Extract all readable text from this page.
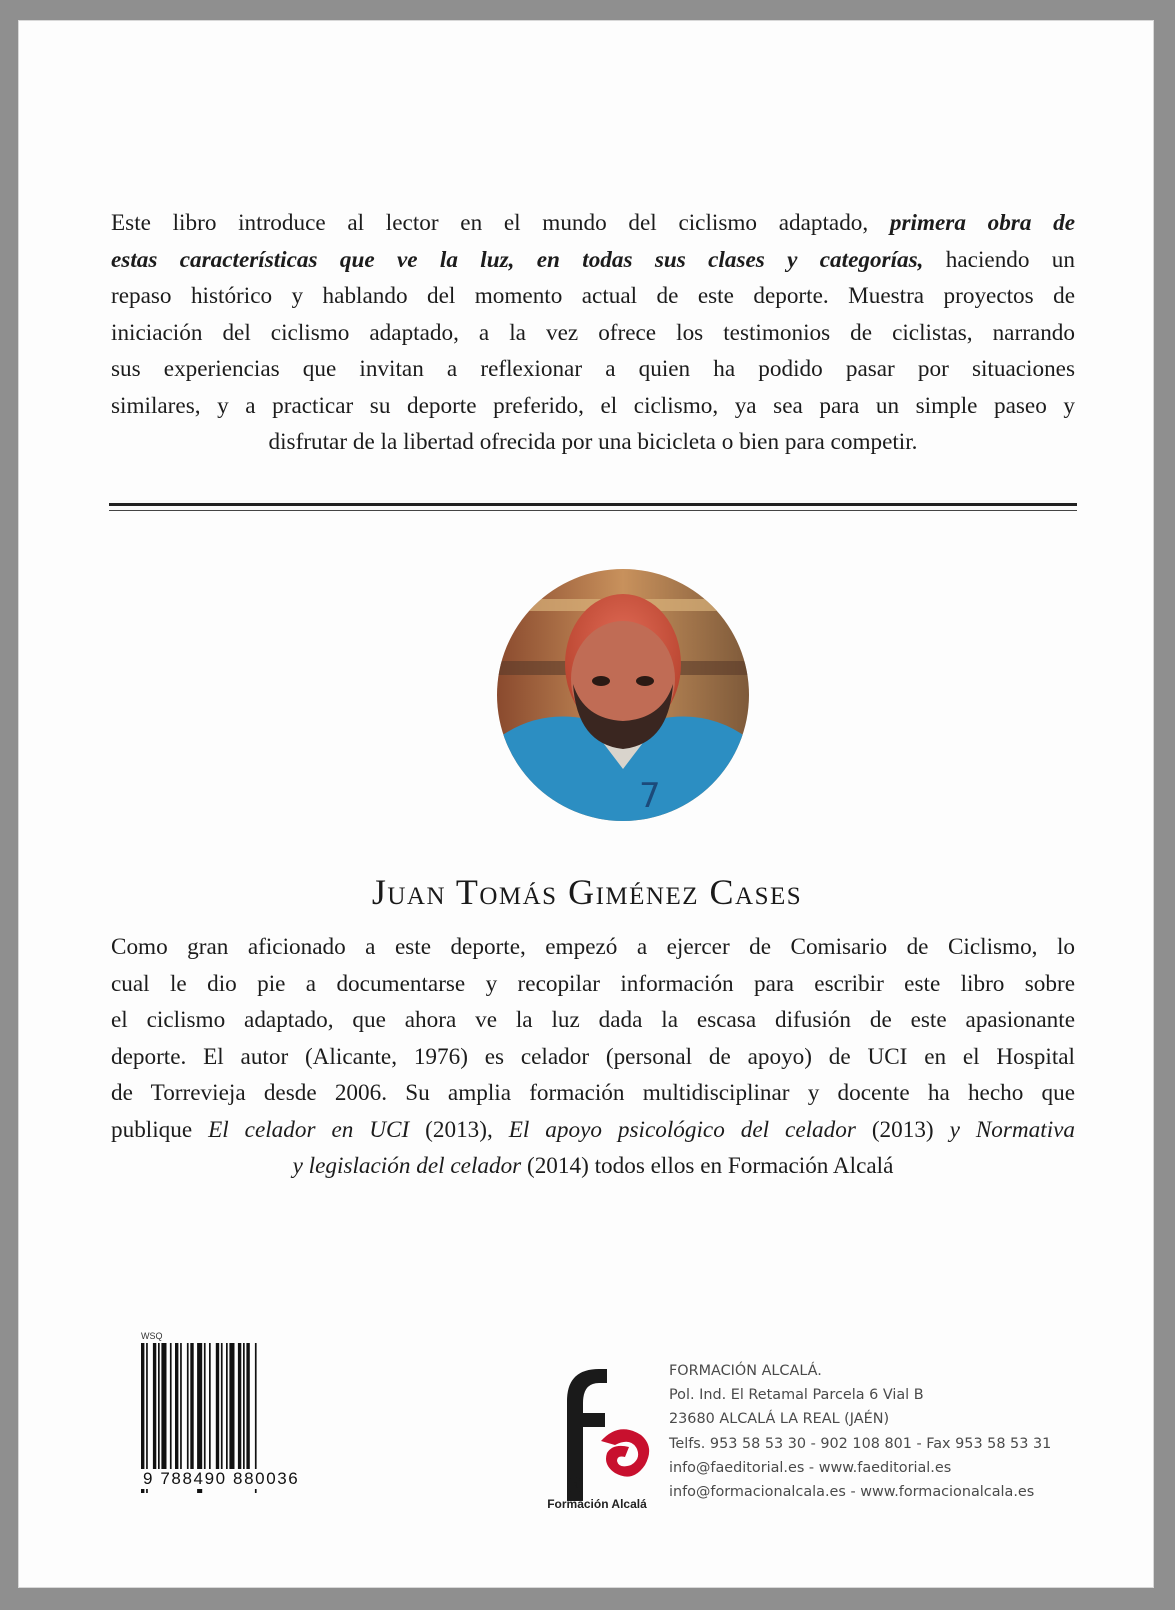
Este libro introduce al lector en el mundo del ciclismo adaptado, primera obra de
estas características que ve la luz, en todas sus clases y categorías, haciendo un
repaso histórico y hablando del momento actual de este deporte. Muestra proyectos de
iniciación del ciclismo adaptado, a la vez ofrece los testimonios de ciclistas, narrando
sus experiencias que invitan a reflexionar a quien ha podido pasar por situaciones
similares, y a practicar su deporte preferido, el ciclismo, ya sea para un simple paseo y
disfrutar de la libertad ofrecida por una bicicleta o bien para competir.
7
Juan Tomás Giménez Cases
Como gran aficionado a este deporte, empezó a ejercer de Comisario de Ciclismo, lo
cual le dio pie a documentarse y recopilar información para escribir este libro sobre
el ciclismo adaptado, que ahora ve la luz dada la escasa difusión de este apasionante
deporte. El autor (Alicante, 1976) es celador (personal de apoyo) de UCI en el Hospital
de Torrevieja desde 2006. Su amplia formación multidisciplinar y docente ha hecho que
publique El celador en UCI (2013), El apoyo psicológico del celador (2013) y Normativa
y legislación del celador (2014) todos ellos en Formación Alcalá
WSQ
9 788490 880036	R
Formación Alcalá
FORMACIÓN ALCALÁ.
Pol. Ind. El Retamal Parcela 6 Vial B
23680 ALCALÁ LA REAL (JAÉN)
Telfs. 953 58 53 30 - 902 108 801 - Fax 953 58 53 31
info@faeditorial.es - www.faeditorial.es
info@formacionalcala.es - www.formacionalcala.es
